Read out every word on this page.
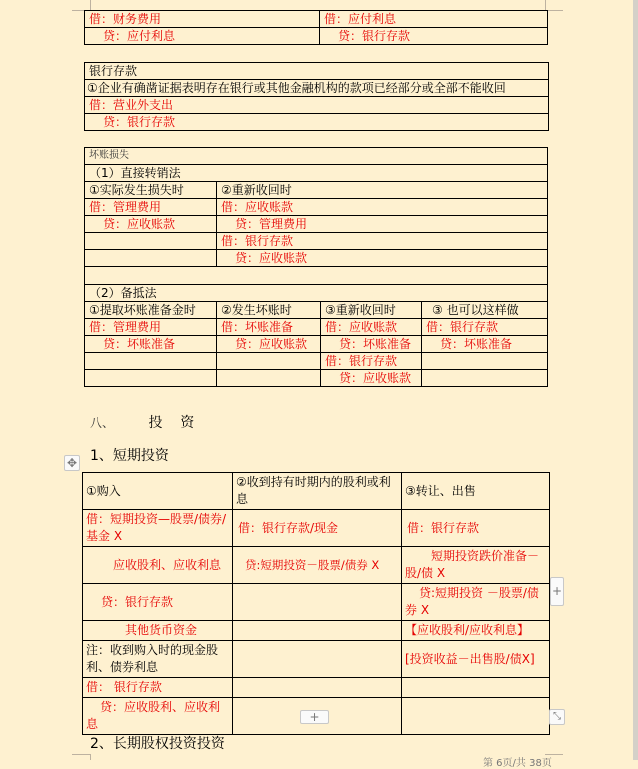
借：财务费用	借：应付利息
贷：应付利息	贷：银行存款
银行存款
①企业有确凿证据表明存在银行或其他金融机构的款项已经部分或全部不能收回
借：营业外支出
贷：银行存款
坏账损失			
（1）直接转销法			
①实际发生损失时	②重新收回时		
借：管理费用	借：应收账款		
贷：应收账款	贷：管理费用		
	借：银行存款		
	贷：应收账款		

（2）备抵法			
①提取坏账准备金时	②发生坏账时	③重新收回时	③ 也可以这样做
借：管理费用	借：坏账准备	借：应收账款	借：银行存款
贷：坏账准备	贷：应收账款	贷：坏账准备	贷：坏账准备
		借：银行存款	
		贷：应收账款	
八、 投    资
✥ 1、短期投资
①购入	②收到持有时期内的股利或利息	③转让、出售
借：短期投资—股票/债券/基金 X	借：银行存款/现金	借：银行存款
应收股利、应收利息	贷:短期投资－股票/债券 X	短期投资跌价准备－股/债 X
贷：银行存款		贷:短期投资 －股票/债券 X
其他货币资金		【应收股利/应收利息】
注：收到购入时的现金股利、债券利息		[投资收益－出售股/债X]
借： 银行存款		
贷：应收股利、应收利息		
+
+	⤡
2、长期股权投资投资
第 6页/共 38页
